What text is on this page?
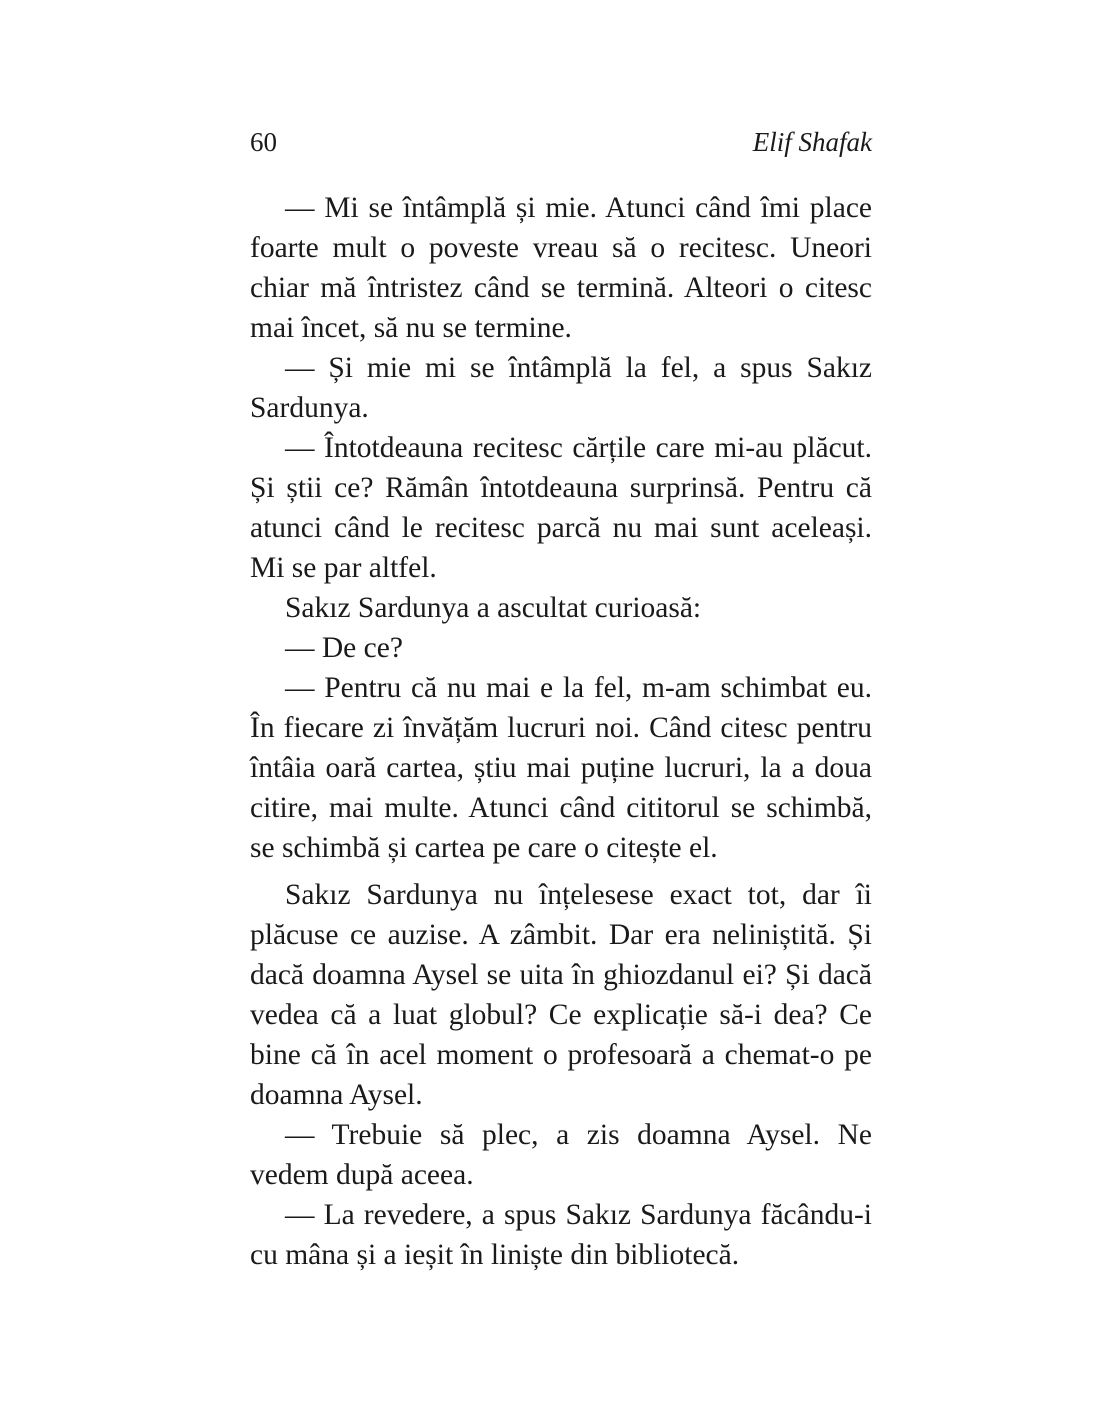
60	Elif Shafak

— Mi se întâmplă și mie. Atunci când îmi place foarte mult o poveste vreau să o recitesc. Uneori chiar mă întristez când se termină. Alteori o citesc mai încet, să nu se termine.

— Și mie mi se întâmplă la fel, a spus Sakız Sardunya.

— Întotdeauna recitesc cărțile care mi-au plăcut. Și știi ce? Rămân întotdeauna surprinsă. Pentru că atunci când le recitesc parcă nu mai sunt aceleași. Mi se par altfel.

Sakız Sardunya a ascultat curioasă:

— De ce?

— Pentru că nu mai e la fel, m-am schimbat eu. În fiecare zi învățăm lucruri noi. Când citesc pentru întâia oară cartea, știu mai puține lucruri, la a doua citire, mai multe. Atunci când cititorul se schimbă, se schimbă și cartea pe care o citește el.

Sakız Sardunya nu înțelesese exact tot, dar îi plăcuse ce auzise. A zâmbit. Dar era neliniștită. Și dacă doamna Aysel se uita în ghiozdanul ei? Și dacă vedea că a luat globul? Ce explicație să-i dea? Ce bine că în acel moment o profesoară a chemat-o pe doamna Aysel.

— Trebuie să plec, a zis doamna Aysel. Ne vedem după aceea.

— La revedere, a spus Sakız Sardunya făcându-i cu mâna și a ieșit în liniște din bibliotecă.
